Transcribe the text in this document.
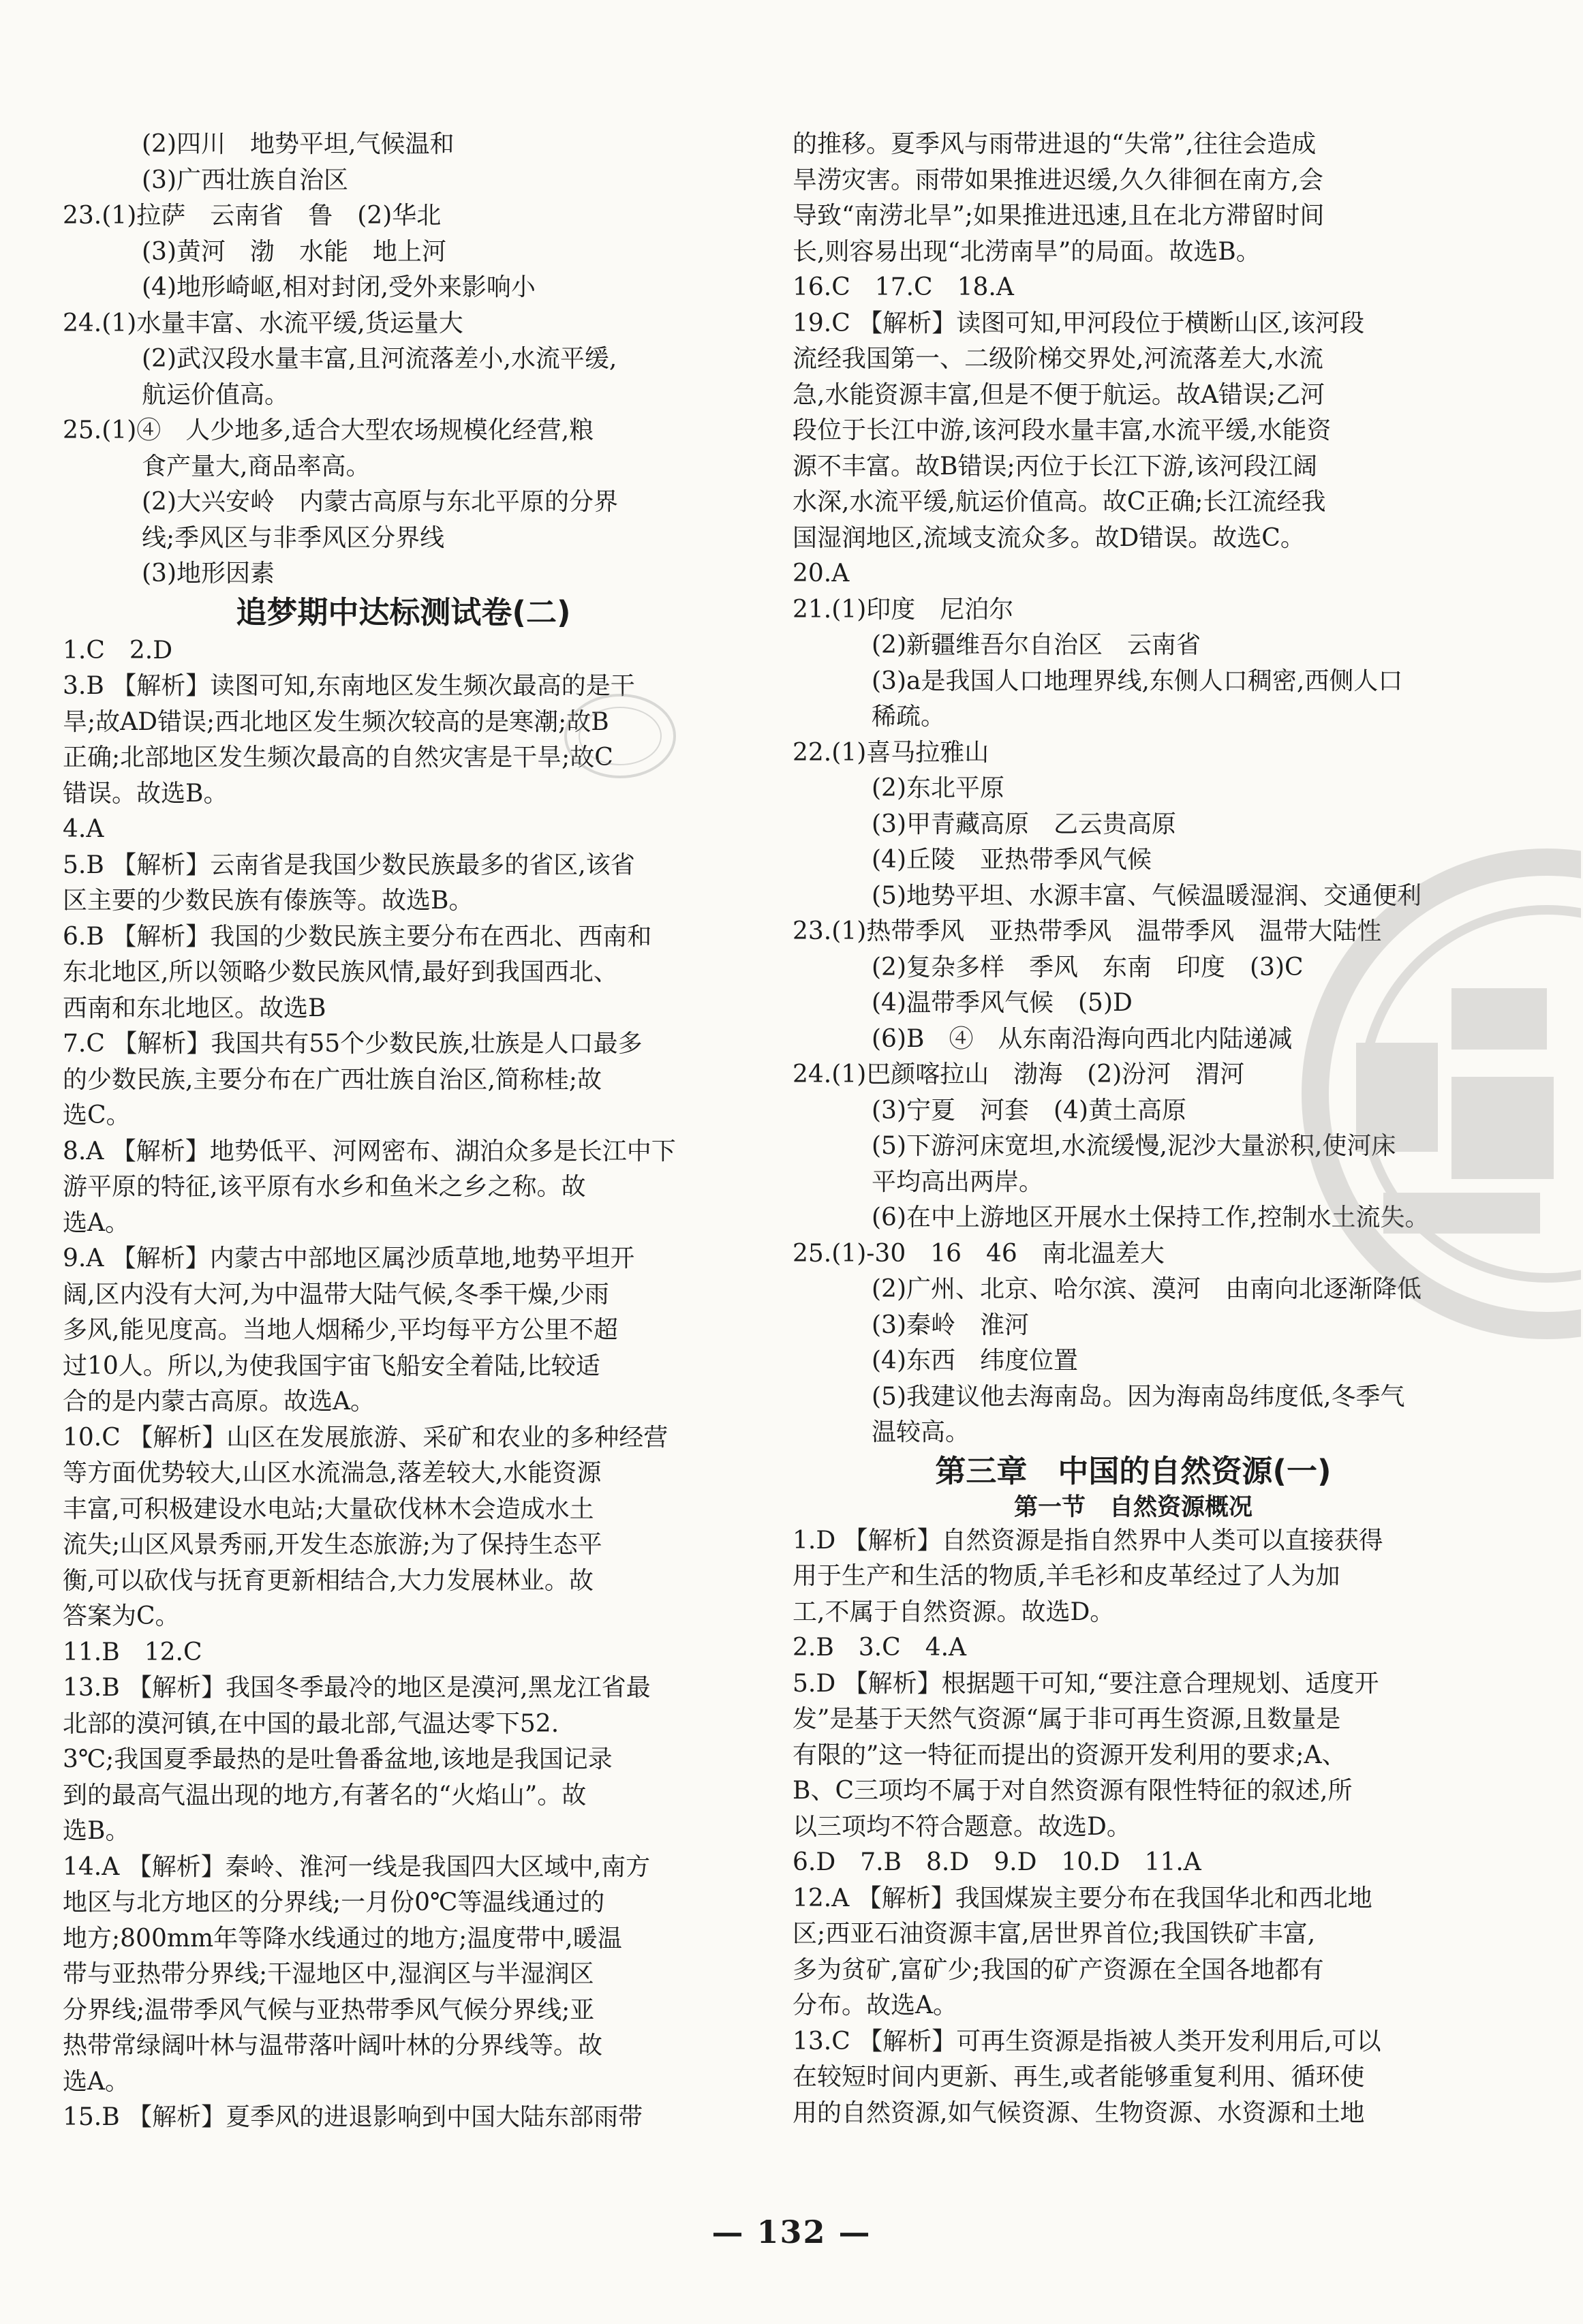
(2)四川　地势平坦,气候温和
(3)广西壮族自治区
23.(1)拉萨　云南省　鲁　(2)华北
(3)黄河　渤　水能　地上河
(4)地形崎岖,相对封闭,受外来影响小
24.(1)水量丰富、水流平缓,货运量大
(2)武汉段水量丰富,且河流落差小,水流平缓,
航运价值高。
25.(1)④　人少地多,适合大型农场规模化经营,粮
食产量大,商品率高。
(2)大兴安岭　内蒙古高原与东北平原的分界
线;季风区与非季风区分界线
(3)地形因素
追梦期中达标测试卷(二)
1.C　2.D
3.B 【解析】读图可知,东南地区发生频次最高的是干
旱;故AD错误;西北地区发生频次较高的是寒潮;故B
正确;北部地区发生频次最高的自然灾害是干旱;故C
错误。故选B。
4.A
5.B 【解析】云南省是我国少数民族最多的省区,该省
区主要的少数民族有傣族等。故选B。
6.B 【解析】我国的少数民族主要分布在西北、西南和
东北地区,所以领略少数民族风情,最好到我国西北、
西南和东北地区。故选B
7.C 【解析】我国共有55个少数民族,壮族是人口最多
的少数民族,主要分布在广西壮族自治区,简称桂;故
选C。
8.A 【解析】地势低平、河网密布、湖泊众多是长江中下
游平原的特征,该平原有水乡和鱼米之乡之称。故
选A。
9.A 【解析】内蒙古中部地区属沙质草地,地势平坦开
阔,区内没有大河,为中温带大陆气候,冬季干燥,少雨
多风,能见度高。当地人烟稀少,平均每平方公里不超
过10人。所以,为使我国宇宙飞船安全着陆,比较适
合的是内蒙古高原。故选A。
10.C 【解析】山区在发展旅游、采矿和农业的多种经营
等方面优势较大,山区水流湍急,落差较大,水能资源
丰富,可积极建设水电站;大量砍伐林木会造成水土
流失;山区风景秀丽,开发生态旅游;为了保持生态平
衡,可以砍伐与抚育更新相结合,大力发展林业。故
答案为C。
11.B　12.C
13.B 【解析】我国冬季最冷的地区是漠河,黑龙江省最
北部的漠河镇,在中国的最北部,气温达零下52.
3℃;我国夏季最热的是吐鲁番盆地,该地是我国记录
到的最高气温出现的地方,有著名的“火焰山”。故
选B。
14.A 【解析】秦岭、淮河一线是我国四大区域中,南方
地区与北方地区的分界线;一月份0℃等温线通过的
地方;800mm年等降水线通过的地方;温度带中,暖温
带与亚热带分界线;干湿地区中,湿润区与半湿润区
分界线;温带季风气候与亚热带季风气候分界线;亚
热带常绿阔叶林与温带落叶阔叶林的分界线等。故
选A。
15.B 【解析】夏季风的进退影响到中国大陆东部雨带
的推移。夏季风与雨带进退的“失常”,往往会造成
旱涝灾害。雨带如果推进迟缓,久久徘徊在南方,会
导致“南涝北旱”;如果推进迅速,且在北方滞留时间
长,则容易出现“北涝南旱”的局面。故选B。
16.C　17.C　18.A
19.C 【解析】读图可知,甲河段位于横断山区,该河段
流经我国第一、二级阶梯交界处,河流落差大,水流
急,水能资源丰富,但是不便于航运。故A错误;乙河
段位于长江中游,该河段水量丰富,水流平缓,水能资
源不丰富。故B错误;丙位于长江下游,该河段江阔
水深,水流平缓,航运价值高。故C正确;长江流经我
国湿润地区,流域支流众多。故D错误。故选C。
20.A
21.(1)印度　尼泊尔
(2)新疆维吾尔自治区　云南省
(3)a是我国人口地理界线,东侧人口稠密,西侧人口
稀疏。
22.(1)喜马拉雅山
(2)东北平原
(3)甲青藏高原　乙云贵高原
(4)丘陵　亚热带季风气候
(5)地势平坦、水源丰富、气候温暖湿润、交通便利
23.(1)热带季风　亚热带季风　温带季风　温带大陆性
(2)复杂多样　季风　东南　印度　(3)C
(4)温带季风气候　(5)D
(6)B　④　从东南沿海向西北内陆递减
24.(1)巴颜喀拉山　渤海　(2)汾河　渭河
(3)宁夏　河套　(4)黄土高原
(5)下游河床宽坦,水流缓慢,泥沙大量淤积,使河床
平均高出两岸。
(6)在中上游地区开展水土保持工作,控制水土流失。
25.(1)-30　16　46　南北温差大
(2)广州、北京、哈尔滨、漠河　由南向北逐渐降低
(3)秦岭　淮河
(4)东西　纬度位置
(5)我建议他去海南岛。因为海南岛纬度低,冬季气
温较高。
第三章　中国的自然资源(一)
第一节　自然资源概况
1.D 【解析】自然资源是指自然界中人类可以直接获得
用于生产和生活的物质,羊毛衫和皮革经过了人为加
工,不属于自然资源。故选D。
2.B　3.C　4.A
5.D 【解析】根据题干可知,“要注意合理规划、适度开
发”是基于天然气资源“属于非可再生资源,且数量是
有限的”这一特征而提出的资源开发利用的要求;A、
B、C三项均不属于对自然资源有限性特征的叙述,所
以三项均不符合题意。故选D。
6.D　7.B　8.D　9.D　10.D　11.A
12.A 【解析】我国煤炭主要分布在我国华北和西北地
区;西亚石油资源丰富,居世界首位;我国铁矿丰富,
多为贫矿,富矿少;我国的矿产资源在全国各地都有
分布。故选A。
13.C 【解析】可再生资源是指被人类开发利用后,可以
在较短时间内更新、再生,或者能够重复利用、循环使
用的自然资源,如气候资源、生物资源、水资源和土地
— 132 —
